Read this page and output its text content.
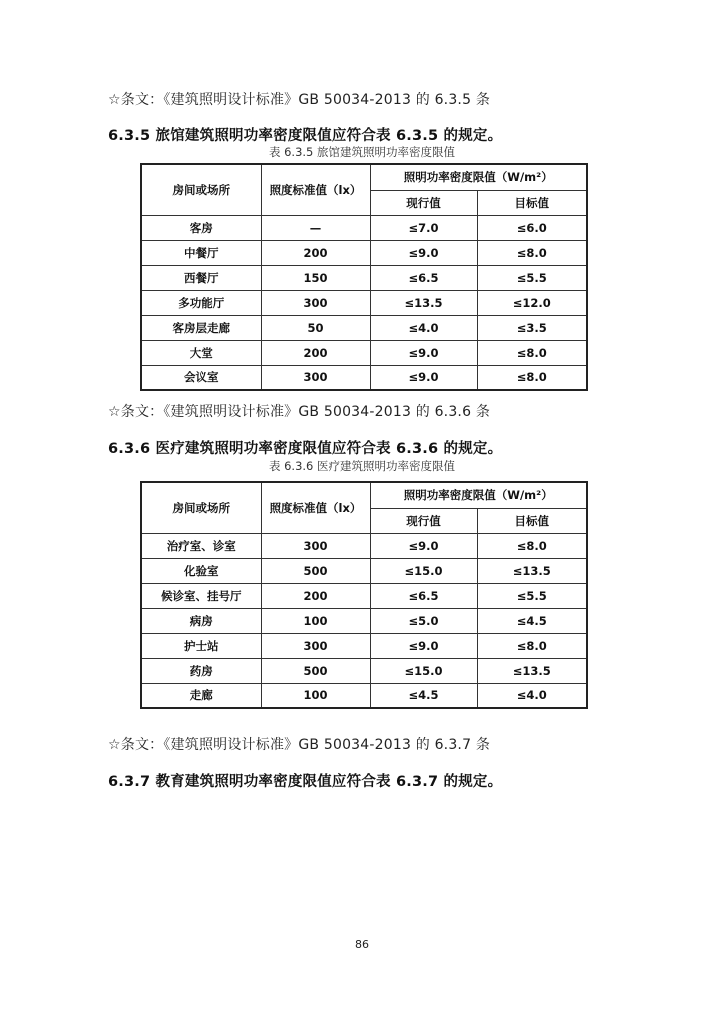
☆条文：《建筑照明设计标准》GB 50034-2013 的 6.3.5 条
6.3.5 旅馆建筑照明功率密度限值应符合表 6.3.5 的规定。
表 6.3.5 旅馆建筑照明功率密度限值
房间或场所	照度标准值（lx）	照明功率密度限值（W/m²）	
		现行值	目标值
客房	—	≤7.0	≤6.0
中餐厅	200	≤9.0	≤8.0
西餐厅	150	≤6.5	≤5.5
多功能厅	300	≤13.5	≤12.0
客房层走廊	50	≤4.0	≤3.5
大堂	200	≤9.0	≤8.0
会议室	300	≤9.0	≤8.0
☆条文：《建筑照明设计标准》GB 50034-2013 的 6.3.6 条
6.3.6 医疗建筑照明功率密度限值应符合表 6.3.6 的规定。
表 6.3.6 医疗建筑照明功率密度限值
房间或场所	照度标准值（lx）	照明功率密度限值（W/m²）	
		现行值	目标值
治疗室、诊室	300	≤9.0	≤8.0
化验室	500	≤15.0	≤13.5
候诊室、挂号厅	200	≤6.5	≤5.5
病房	100	≤5.0	≤4.5
护士站	300	≤9.0	≤8.0
药房	500	≤15.0	≤13.5
走廊	100	≤4.5	≤4.0
☆条文：《建筑照明设计标准》GB 50034-2013 的 6.3.7 条
6.3.7 教育建筑照明功率密度限值应符合表 6.3.7 的规定。
86
